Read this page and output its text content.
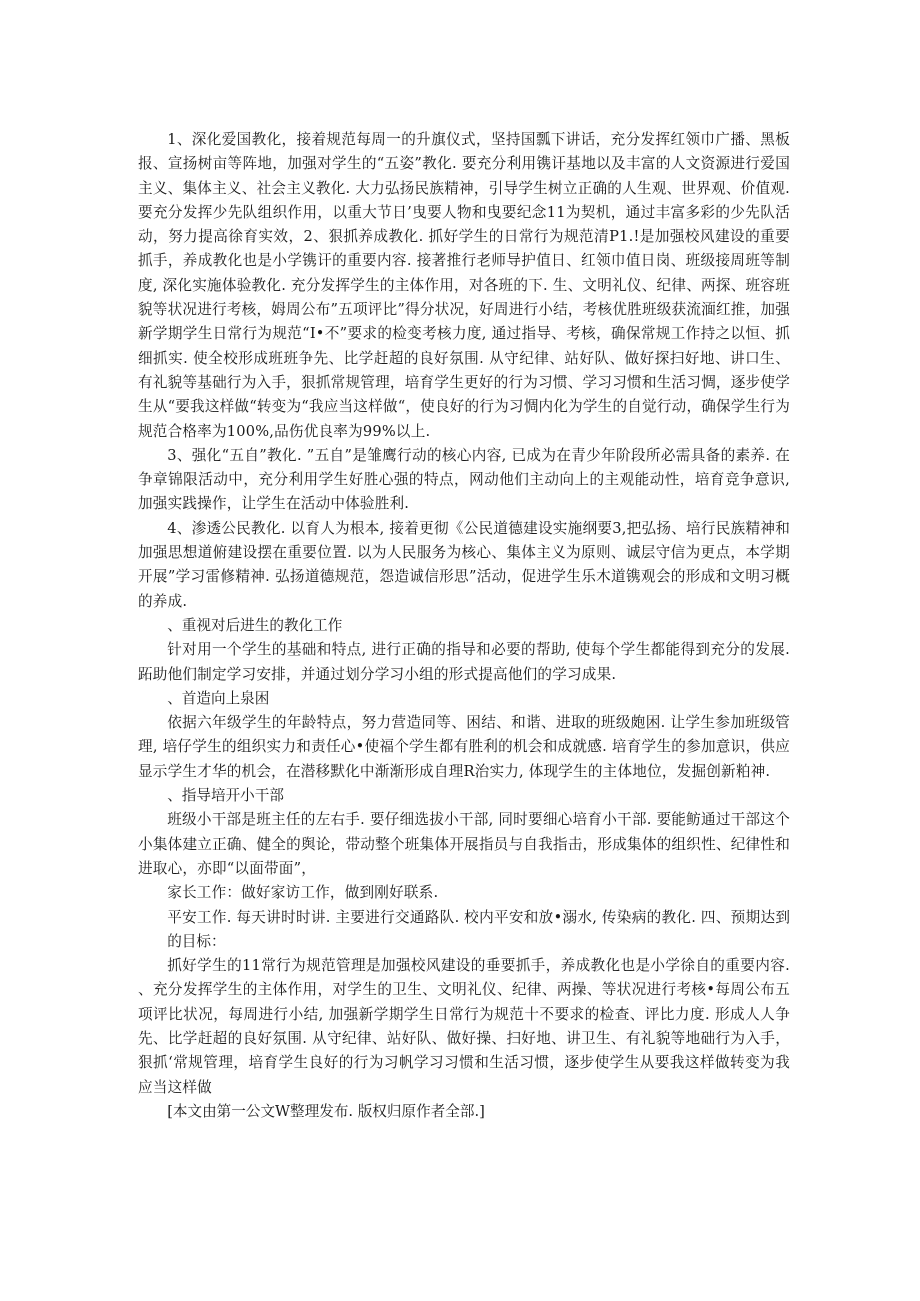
1、深化爱国教化，接着规范每周一的升旗仪式，坚持国瓢下讲话，充分发挥红领巾广播、黑板报、宣扬树亩等阵地，加强对学生的“五姿”教化. 要充分利用镌讦基地以及丰富的人文资源进行爱国主义、集体主义、社会主义教化. 大力弘扬民族精神，引导学生树立正确的人生观、世界观、价值观. 要充分发挥少先队组织作用，以重大节日’曳要人物和曳要纪念11为契机，通过丰富多彩的少先队活动，努力提高徐育实效，2、狠抓养成教化. 抓好学生的日常行为规范清P1.!是加强校风建设的重要抓手，养成教化也是小学镌讦的重要内容. 接著推行老师导护值日、红领巾值日岗、班级接周班等制度, 深化实施体验教化. 充分发挥学生的主体作用，对各班的下. 生、文明礼仪、纪律、两探、班容班貌等状况进行考核，姆周公布”五项评比”得分状况，好周进行小结，考核优胜班级获流湎红推，加强新学期学生日常行为规范“I•不”要求的检变考核力度, 通过指导、考核，确保常规工作持之以恒、抓细抓实. 使全校形成班班争先、比学赶超的良好氛围. 从守纪律、站好队、做好探扫好地、讲口生、有礼貌等基础行为入手，狠抓常规管理，培育学生更好的行为习惯、学习习惯和生活习惆，逐步使学生从“要我这样做“转变为“我应当这样做“，使良好的行为习惆内化为学生的自觉行动，确保学生行为规范合格率为100%,品伤优良率为99%以上.

3、强化“五自”教化. ”五自”是雏鹰行动的核心内容, 已成为在青少年阶段所必需具备的素养. 在争章锦限活动中，充分利用学生好胜心强的特点，网动他们主动向上的主观能动性，培育竞争意识, 加强实践操作，让学生在活动中体验胜利.

4、渗透公民教化. 以育人为根本, 接着更彻《公民道德建设实施纲要3,把弘扬、培行民族精神和加强思想道俯建设摆在重要位置. 以为人民服务为核心、集体主义为原则、诚层守信为更点，本学期开展”学习雷修精神. 弘扬道德规范，怨造诚信形思”活动，促进学生乐木道镌观会的形成和文明习概的养成.

、重视对后进生的教化工作

针对用一个学生的基础和特点, 进行正确的指导和必要的帮助, 使每个学生都能得到充分的发展. 跖助他们制定学习安排，并通过划分学习小组的形式提高他们的学习成果.

、首造向上泉困

依据六年级学生的年龄特点，努力营造同等、困结、和谐、进取的班级皰困. 让学生参加班级管理, 培仔学生的组织实力和责任心•使福个学生都有胜利的机会和成就感. 培育学生的参加意识，供应显示学生才华的机会，在潜移默化中渐渐形成自理R治实力, 体现学生的主体地位，发掘创新粕神.

、指导培开小干部

班级小干部是班主任的左右手. 要仔细选拔小干部, 同时要细心培育小干部. 要能鲂通过干部这个小集体建立正确、健全的舆论，带动整个班集体开展指员与自我指击，形成集体的组织性、纪律性和进取心，亦即“以面带面”，

家长工作：做好家访工作，做到刚好联系.

平安工作. 每天讲时时讲. 主要进行交通路队. 校内平安和放•溺水, 传染病的教化. 四、预期达到的目标：

抓好学生的11常行为规范管理是加强校风建设的垂要抓手，养成教化也是小学徐自的重要内容. 、充分发挥学生的主体作用，对学生的卫生、文明礼仪、纪律、两操、等状况进行考核•每周公布五项评比状况，每周进行小结, 加强新学期学生日常行为规范十不要求的检查、评比力度. 形成人人争先、比学赶超的良好氛围. 从守纪律、站好队、做好操、扫好地、讲卫生、有礼貌等地础行为入手，狠抓‘常规管理，培育学生良好的行为习帆学习习惯和生活习惯，逐步使学生从要我这样做转变为我应当这样做

[本文由第一公文W整理发布. 版权归原作者全部.]
